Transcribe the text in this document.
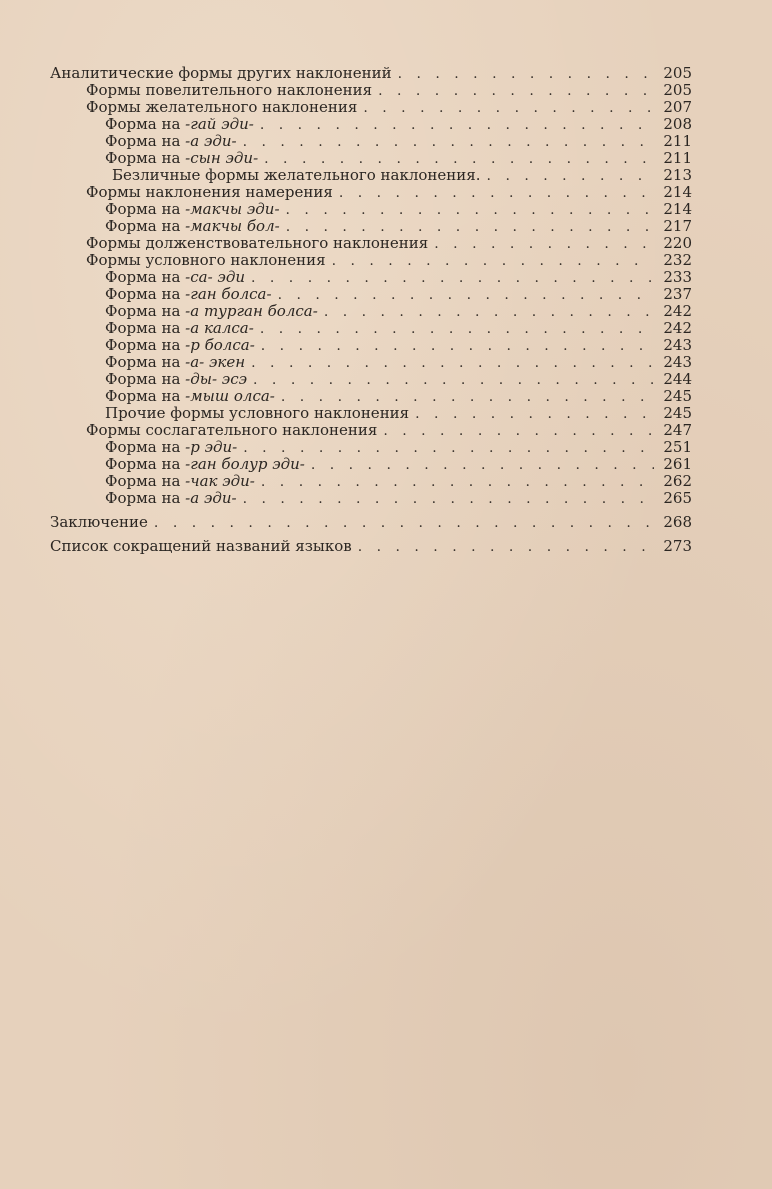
Аналитические формы других наклонений . . .	205
Формы повелительного наклонения . . .	205
Формы желательного наклонения . . .	207
Форма на -гай эди- . . .	208
Форма на -а эди- . . .	211
Форма на -сын эди- . . .	211
Безличные формы желательного наклонения. . . .	213
Формы наклонения намерения . . .	214
Форма на -макчы эди- . . .	214
Форма на -макчы бол- . . .	217
Формы долженствовательного наклонения . . .	220
Формы условного наклонения . . .	232
Форма на -са- эди . . .	233
Форма на -ган болса- . . .	237
Форма на -а турган болса- . . .	242
Форма на -а калса- . . .	242
Форма на -р болса- . . .	243
Форма на -а- экен . . .	243
Форма на -ды- эсэ . . .	244
Форма на -мыш олса- . . .	245
Прочие формы условного наклонения . . .	245
Формы сослагательного наклонения . . .	247
Форма на -р эди- . . .	251
Форма на -ган болур эди- . . .	261
Форма на -чак эди- . . .	262
Форма на -а эди- . . .	265
Заключение . . .	268
Список сокращений названий языков . . .	273
